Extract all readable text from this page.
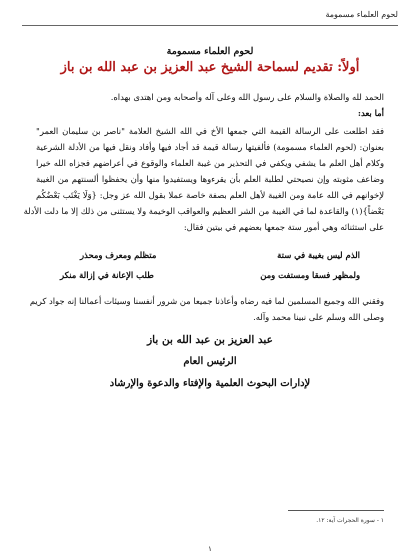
لحوم العلماء مسمومة
لحوم العلماء مسمومة
أولاً: تقديم لسماحة الشيخ عبد العزيز بن عبد الله بن باز
الحمد لله والصلاة والسلام على رسول الله وعلى آله وأصحابه ومن اهتدى بهداه.
أما بعد:
فقد اطلعت على الرسالة القيمة التي جمعها الأخ في الله الشيخ العلامة "ناصر بن سليمان العمر"
بعنوان: (لحوم العلماء مسمومة) فألفيتها رسالة قيمة قد أجاد فيها وأفاد ونقل فيها من الأدلة الشرعية
وكلام أهل العلم ما يشفي ويكفي في التحذير من غيبة العلماء والوقوع في أعراضهم فجزاه الله خيرا
وضاعف مثوبته وإن نصيحتي لطلبة العلم بأن يقرءوها ويستفيدوا منها وأن يحفظوا ألسنتهم من الغيبة
لإخوانهم في الله عامة ومن الغيبة لأهل العلم بصفة خاصة عملا بقول الله عز وجل: {وَلَا يَغْتَب بَعْضُكُم
بَعْضاً}(١) والقاعدة لما في الغيبة من الشر العظيم والعواقب الوخيمة ولا يستثنى من ذلك إلا ما دلت الأدلة
على استثنائه وهي أمور ستة جمعها بعضهم في بيتين فقال:
الذم ليس بغيبة في ستة
متظلم ومعرف ومحذر
ولمظهر فسقا ومستفت ومن
طلب الإعانة في إزالة منكر
وفقني الله وجميع المسلمين لما فيه رضاه وأعاذنا جميعا من شرور أنفسنا وسيئات أعمالنا إنه جواد كريم
وصلى الله وسلم على نبينا محمد وآله.
عبد العزيز بن عبد الله بن باز
الرئيس العام
لإدارات البحوث العلمية والإفتاء والدعوة والإرشاد
١ - سورة الحجرات آية: ١٢.
١
